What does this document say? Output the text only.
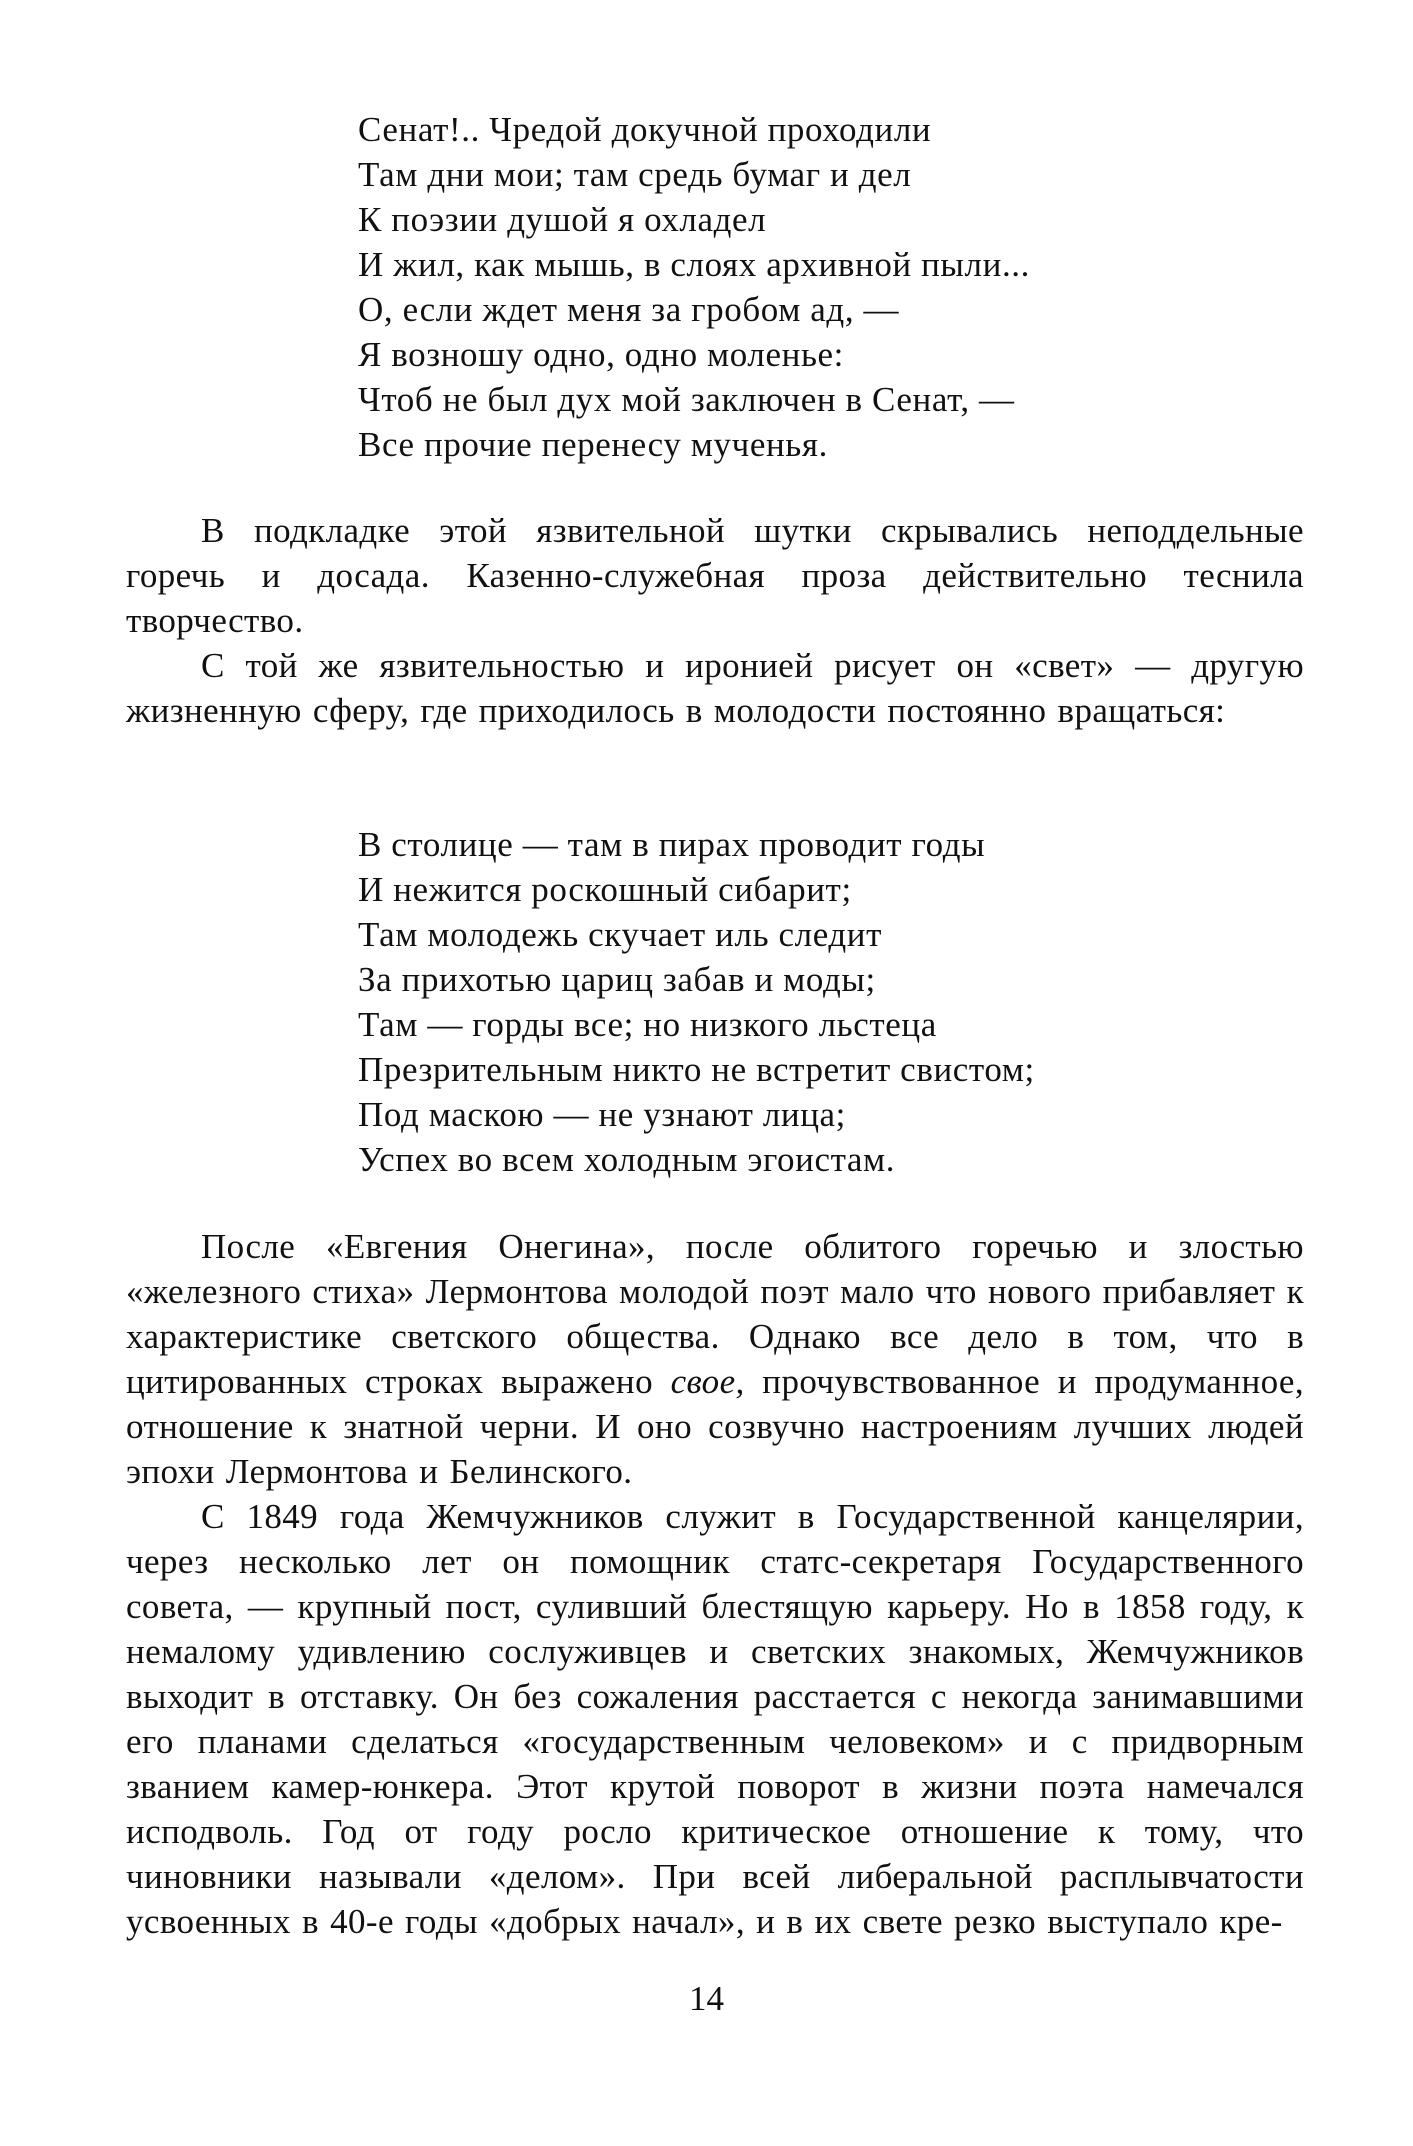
Сенат!.. Чредой докучной проходили
Там дни мои; там средь бумаг и дел
К поэзии душой я охладел
И жил, как мышь, в слоях архивной пыли...
О, если ждет меня за гробом ад, —
Я возношу одно, одно моленье:
Чтоб не был дух мой заключен в Сенат, —
Все прочие перенесу мученья.

В подкладке этой язвительной шутки скрывались неподдельные горечь и досада. Казенно-служебная проза действительно теснила творчество.

С той же язвительностью и иронией рисует он «свет» — другую жизненную сферу, где приходилось в молодости постоянно вращаться:

В столице — там в пирах проводит годы
И нежится роскошный сибарит;
Там молодежь скучает иль следит
За прихотью цариц забав и моды;
Там — горды все; но низкого льстеца
Презрительным никто не встретит свистом;
Под маскою — не узнают лица;
Успех во всем холодным эгоистам.

После «Евгения Онегина», после облитого горечью и злостью «железного стиха» Лермонтова молодой поэт мало что нового прибавляет к характеристике светского общества. Однако все дело в том, что в цитированных строках выражено свое, прочувствованное и продуманное, отношение к знатной черни. И оно созвучно настроениям лучших людей эпохи Лермонтова и Белинского.

С 1849 года Жемчужников служит в Государственной канцелярии, через несколько лет он помощник статс-секретаря Государственного совета, — крупный пост, суливший блестящую карьеру. Но в 1858 году, к немалому удивлению сослуживцев и светских знакомых, Жемчужников выходит в отставку. Он без сожаления расстается с некогда занимавшими его планами сделаться «государственным человеком» и с придворным званием камер-юнкера. Этот крутой поворот в жизни поэта намечался исподволь. Год от году росло критическое отношение к тому, что чиновники называли «делом». При всей либеральной расплывчатости усвоенных в 40-е годы «добрых начал», и в их свете резко выступало кре-

14
